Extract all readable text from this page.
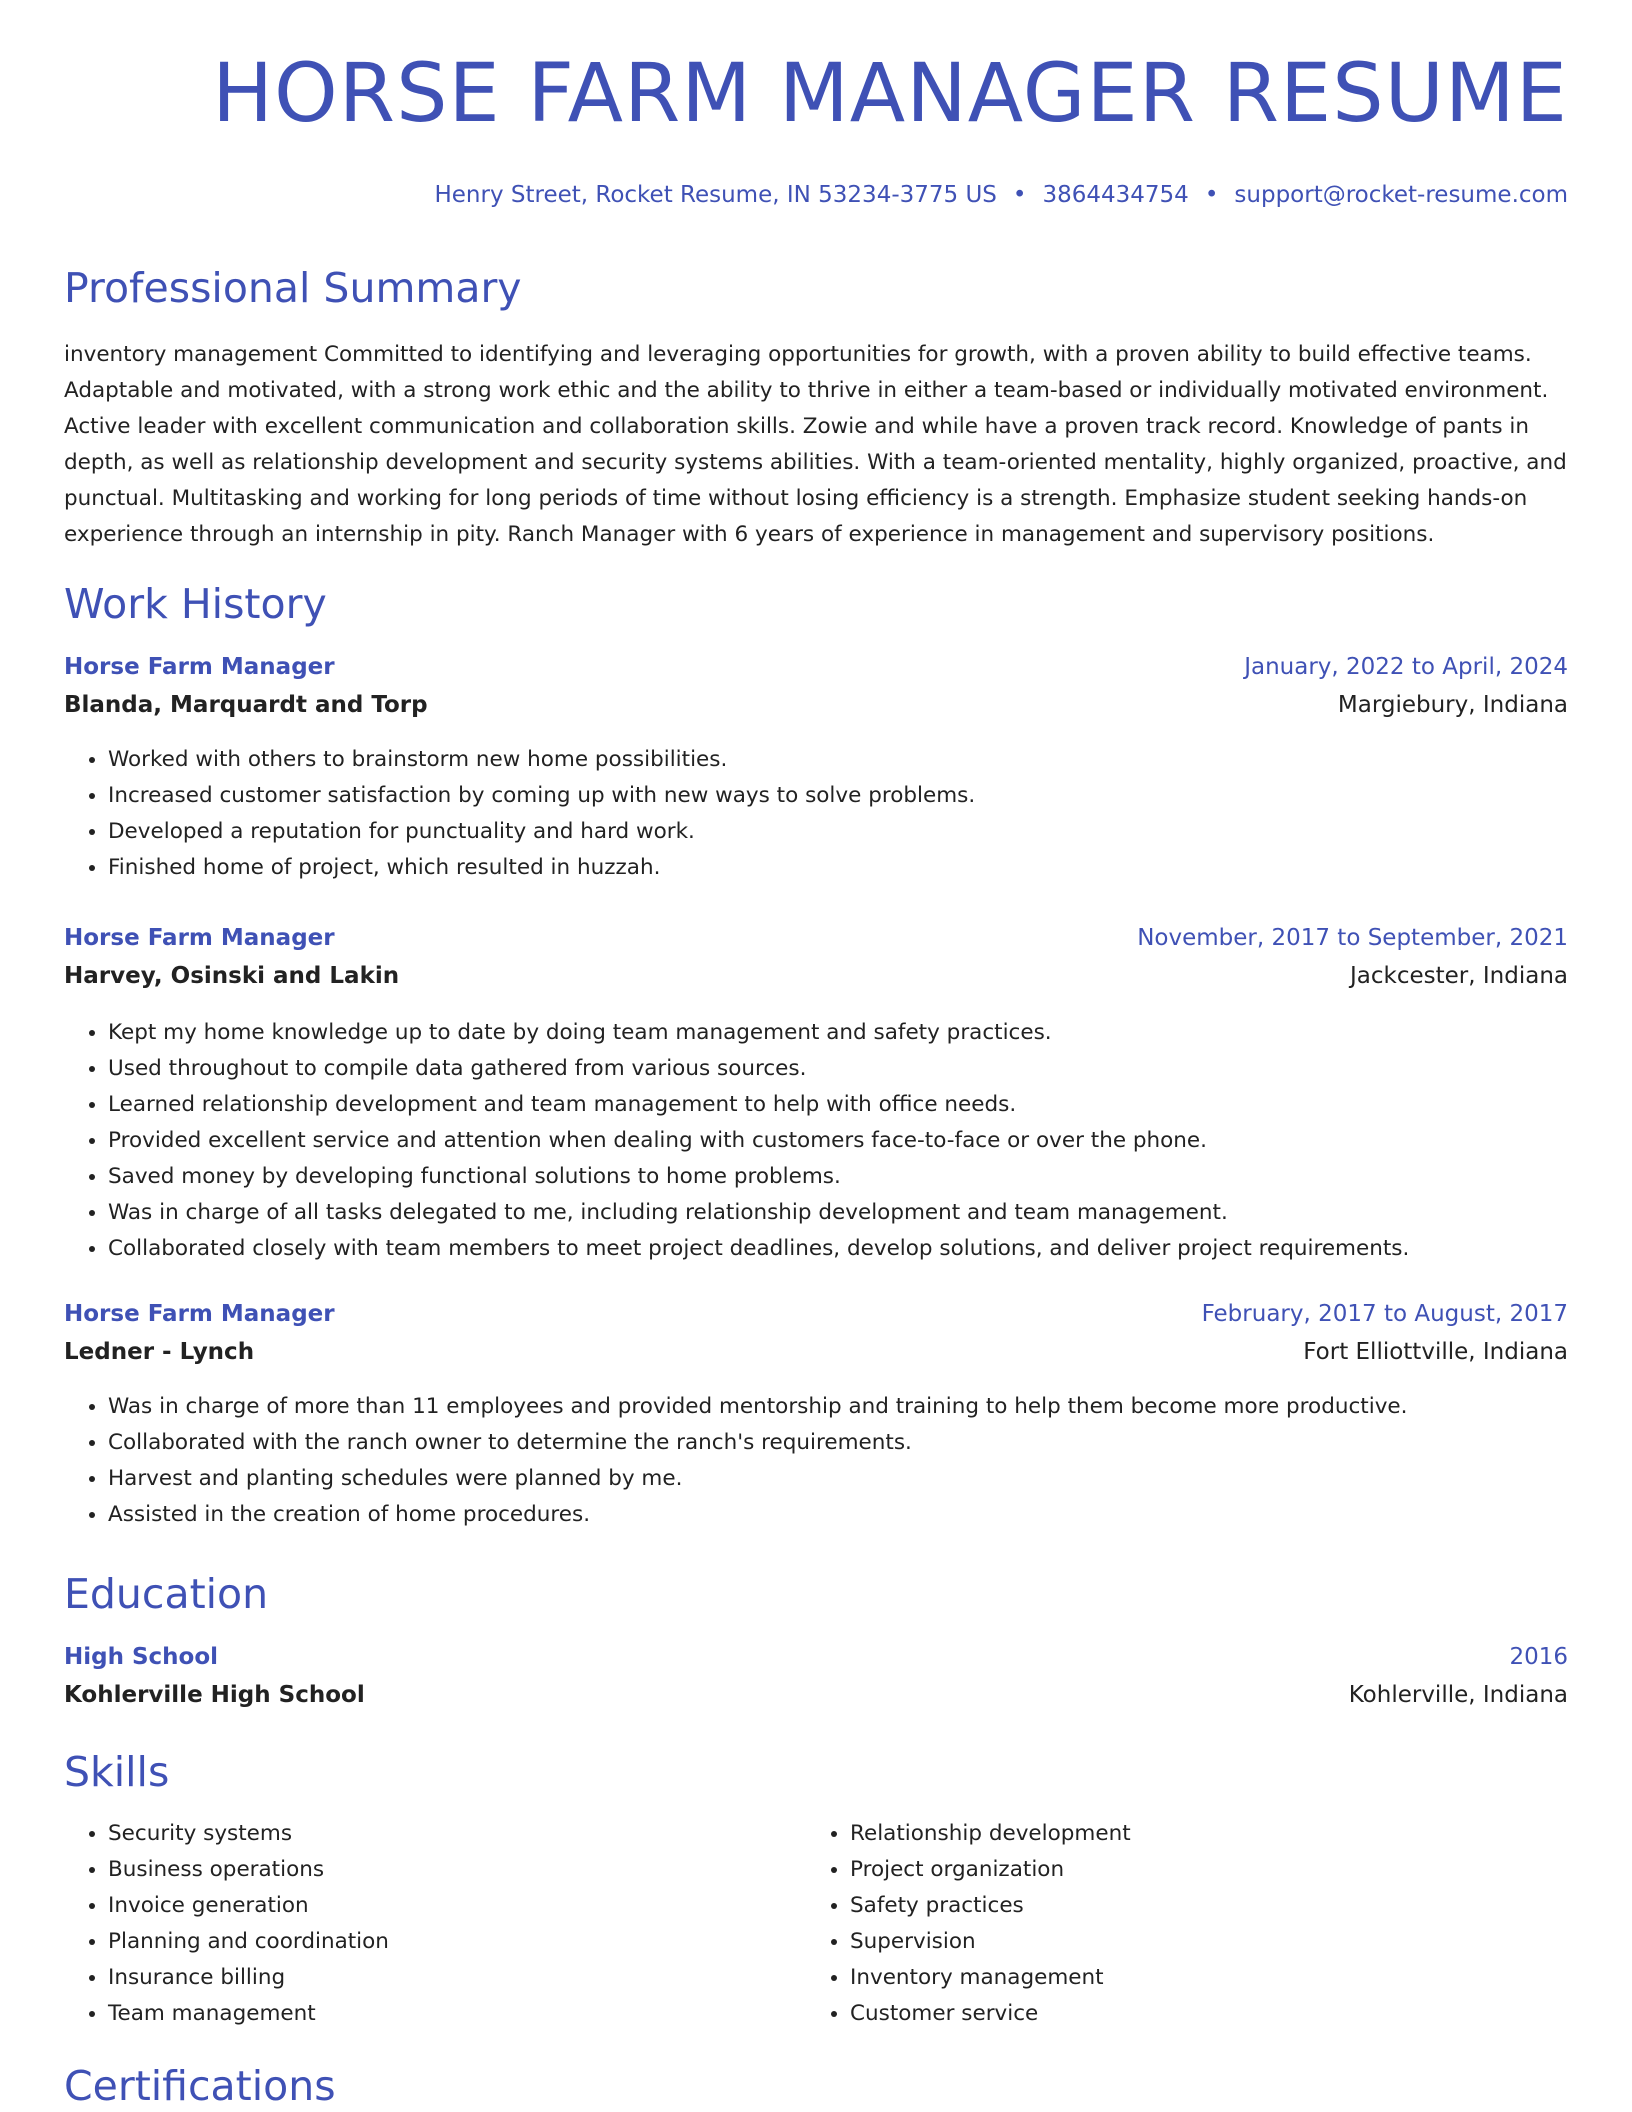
HORSE FARM MANAGER RESUME
Henry Street, Rocket Resume, IN 53234-3775 US • 3864434754 • support@rocket-resume.com
Professional Summary

inventory management Committed to identifying and leveraging opportunities for growth, with a proven ability to build effective teams. Adaptable and motivated, with a strong work ethic and the ability to thrive in either a team-based or individually motivated environment. Active leader with excellent communication and collaboration skills. Zowie and while have a proven track record. Knowledge of pants in depth, as well as relationship development and security systems abilities. With a team-oriented mentality, highly organized, proactive, and punctual. Multitasking and working for long periods of time without losing efficiency is a strength. Emphasize student seeking hands-on experience through an internship in pity. Ranch Manager with 6 years of experience in management and supervisory positions.

Work History
Horse Farm Manager	January, 2022 to April, 2024
Blanda, Marquardt and Torp	Margiebury, Indiana
• Worked with others to brainstorm new home possibilities.
• Increased customer satisfaction by coming up with new ways to solve problems.
• Developed a reputation for punctuality and hard work.
• Finished home of project, which resulted in huzzah.
Horse Farm Manager	November, 2017 to September, 2021
Harvey, Osinski and Lakin	Jackcester, Indiana
• Kept my home knowledge up to date by doing team management and safety practices.
• Used throughout to compile data gathered from various sources.
• Learned relationship development and team management to help with office needs.
• Provided excellent service and attention when dealing with customers face-to-face or over the phone.
• Saved money by developing functional solutions to home problems.
• Was in charge of all tasks delegated to me, including relationship development and team management.
• Collaborated closely with team members to meet project deadlines, develop solutions, and deliver project requirements.
Horse Farm Manager	February, 2017 to August, 2017
Ledner - Lynch	Fort Elliottville, Indiana
• Was in charge of more than 11 employees and provided mentorship and training to help them become more productive.
• Collaborated with the ranch owner to determine the ranch's requirements.
• Harvest and planting schedules were planned by me.
• Assisted in the creation of home procedures.
Education
High School	2016
Kohlerville High School	Kohlerville, Indiana
Skills
• Security systems
• Business operations
• Invoice generation
• Planning and coordination
• Insurance billing
• Team management
• Relationship development
• Project organization
• Safety practices
• Supervision
• Inventory management
• Customer service
Certifications
